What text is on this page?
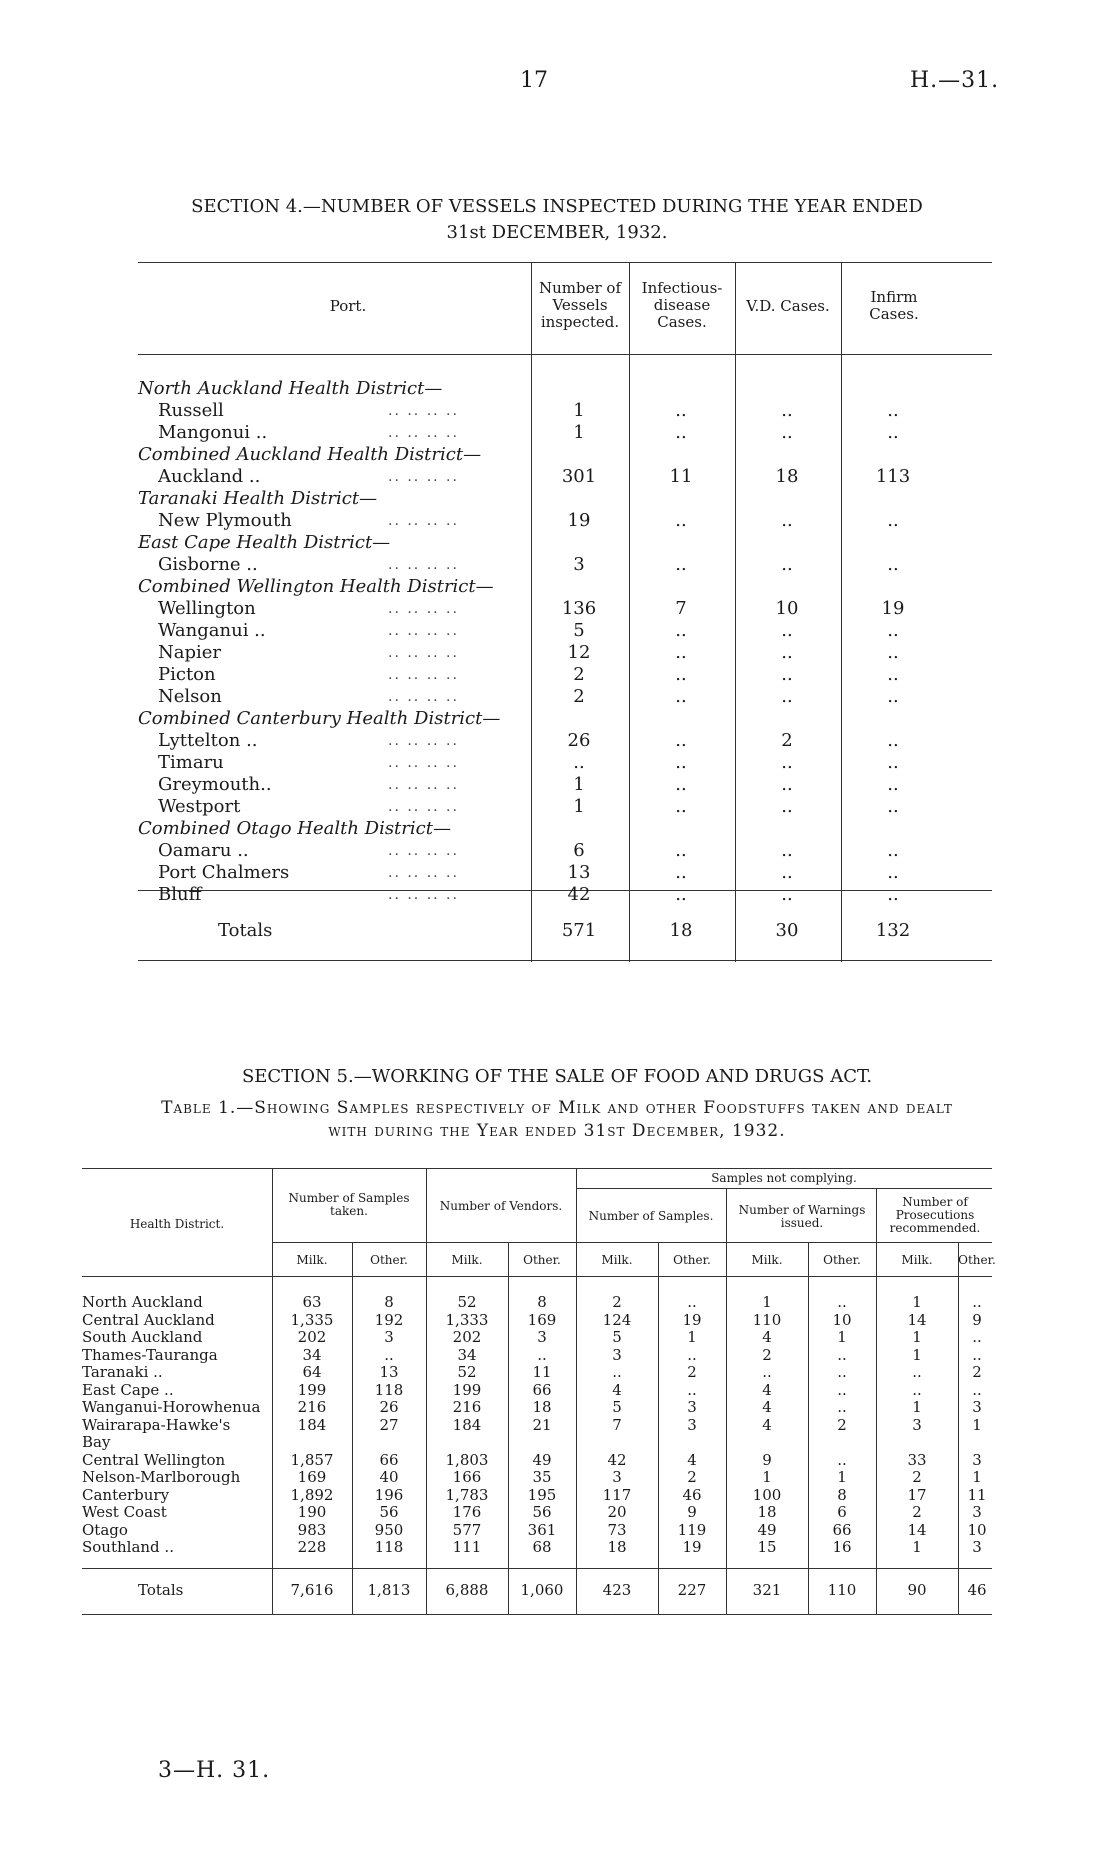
17	H.—31.
SECTION 4.—NUMBER OF VESSELS INSPECTED DURING THE YEAR ENDED
31st DECEMBER, 1932.
Port.
Number of Vessels inspected.
Infectious-disease Cases.
V.D. Cases.	Infirm Cases.
North Auckland Health District—
Russell	.. .. .. ..	1	..	..	..
Mangonui ..	.. .. .. ..	1	..	..	..
Combined Auckland Health District—
Auckland ..	.. .. .. ..	301	11	18	113
Taranaki Health District—
New Plymouth	.. .. .. ..	19	..	..	..
East Cape Health District—
Gisborne ..	.. .. .. ..	3	..	..	..
Combined Wellington Health District—
Wellington	.. .. .. ..	136	7	10	19
Wanganui ..	.. .. .. ..	5	..	..	..
Napier	.. .. .. ..	12	..	..	..
Picton	.. .. .. ..	2	..	..	..
Nelson	.. .. .. ..	2	..	..	..
Combined Canterbury Health District—
Lyttelton ..	.. .. .. ..	26	..	2	..
Timaru	.. .. .. ..	..	..	..	..
Greymouth..	.. .. .. ..	1	..	..	..
Westport	.. .. .. ..	1	..	..	..
Combined Otago Health District—
Oamaru ..	.. .. .. ..	6	..	..	..
Port Chalmers	.. .. .. ..	13	..	..	..
Bluff	.. .. .. ..	42	..	..	..
Totals	571	18	30	132
SECTION 5.—WORKING OF THE SALE OF FOOD AND DRUGS ACT.
Table 1.—Showing Samples respectively of Milk and other Foodstuffs taken and dealt
with during the Year ended 31st December, 1932.
Health District.
Number of Samples taken.	Number of Vendors.
Samples not complying.
Number of Samples.	Number of Warnings issued.
Number of Prosecutions recommended.
Milk.	Other.	Milk.	Other.	Milk.	Other.	Milk.	Other.	Milk.	Other.
North Auckland	63	8	52	8	2	..	1	..	1	..
Central Auckland	1,335	192	1,333	169	124	19	110	10	14	9
South Auckland	202	3	202	3	5	1	4	1	1	..
Thames-Tauranga	34	..	34	..	3	..	2	..	1	..
Taranaki ..	64	13	52	11	..	2	..	..	..	2
East Cape ..	199	118	199	66	4	..	4	..	..	..
Wanganui-Horowhenua	216	26	216	18	5	3	4	..	1	3
Wairarapa-Hawke's	184	27	184	21	7	3	4	2	3	1
Bay
Central Wellington	1,857	66	1,803	49	42	4	9	..	33	3
Nelson-Marlborough	169	40	166	35	3	2	1	1	2	1
Canterbury	1,892	196	1,783	195	117	46	100	8	17	11
West Coast	190	56	176	56	20	9	18	6	2	3
Otago	983	950	577	361	73	119	49	66	14	10
Southland ..	228	118	111	68	18	19	15	16	1	3
Totals	7,616	1,813	6,888	1,060	423	227	321	110	90	46
3—H. 31.
